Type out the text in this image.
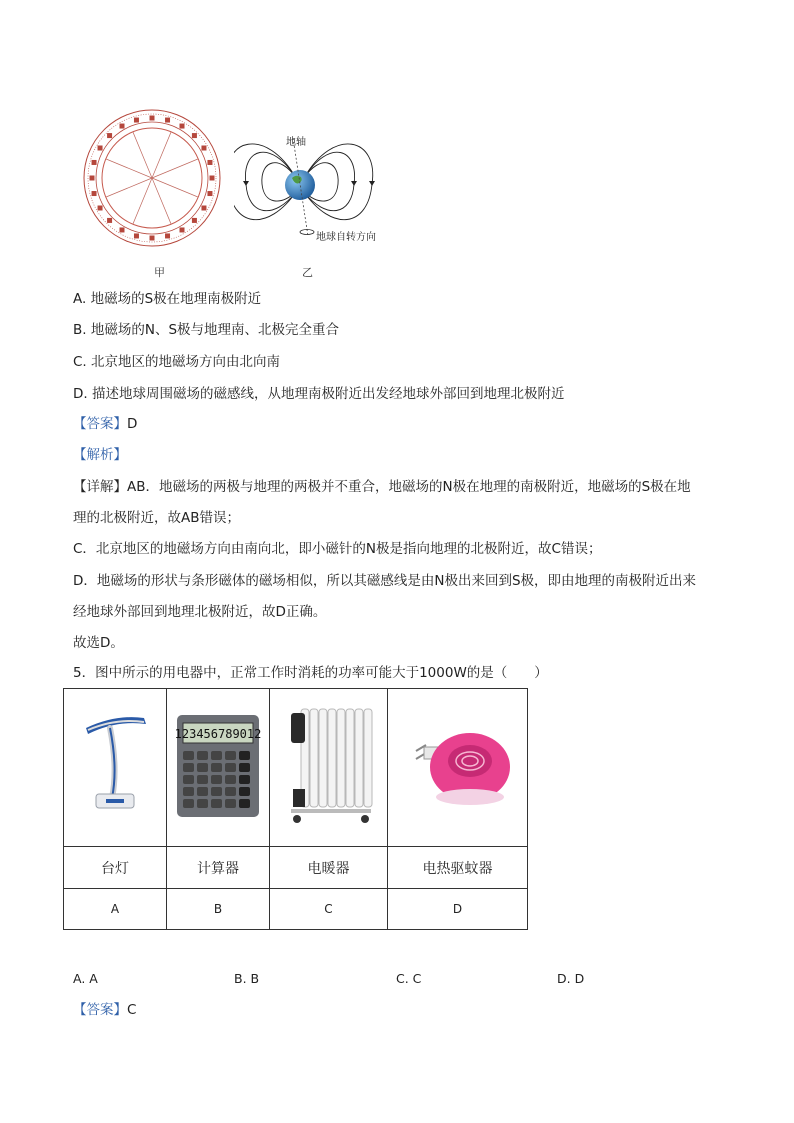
甲
地轴
地球自转方向
乙
A. 地磁场的S极在地理南极附近
B. 地磁场的N、S极与地理南、北极完全重合
C. 北京地区的地磁场方向由北向南
D. 描述地球周围磁场的磁感线，从地理南极附近出发经地球外部回到地理北极附近
【答案】D
【解析】
【详解】AB．地磁场的两极与地理的两极并不重合，地磁场的N极在地理的南极附近，地磁场的S极在地
理的北极附近，故AB错误；
C．北京地区的地磁场方向由南向北，即小磁针的N极是指向地理的北极附近，故C错误；
D．地磁场的形状与条形磁体的磁场相似，所以其磁感线是由N极出来回到S极，即由地理的南极附近出来
经地球外部回到地理北极附近，故D正确。
故选D。
5．图中所示的用电器中，正常工作时消耗的功率可能大于1000W的是（　　）

123456789012

台灯	计算器	电暖器	电热驱蚊器
A	B	C	D
A. A	B. B	C. C	D. D
【答案】C
